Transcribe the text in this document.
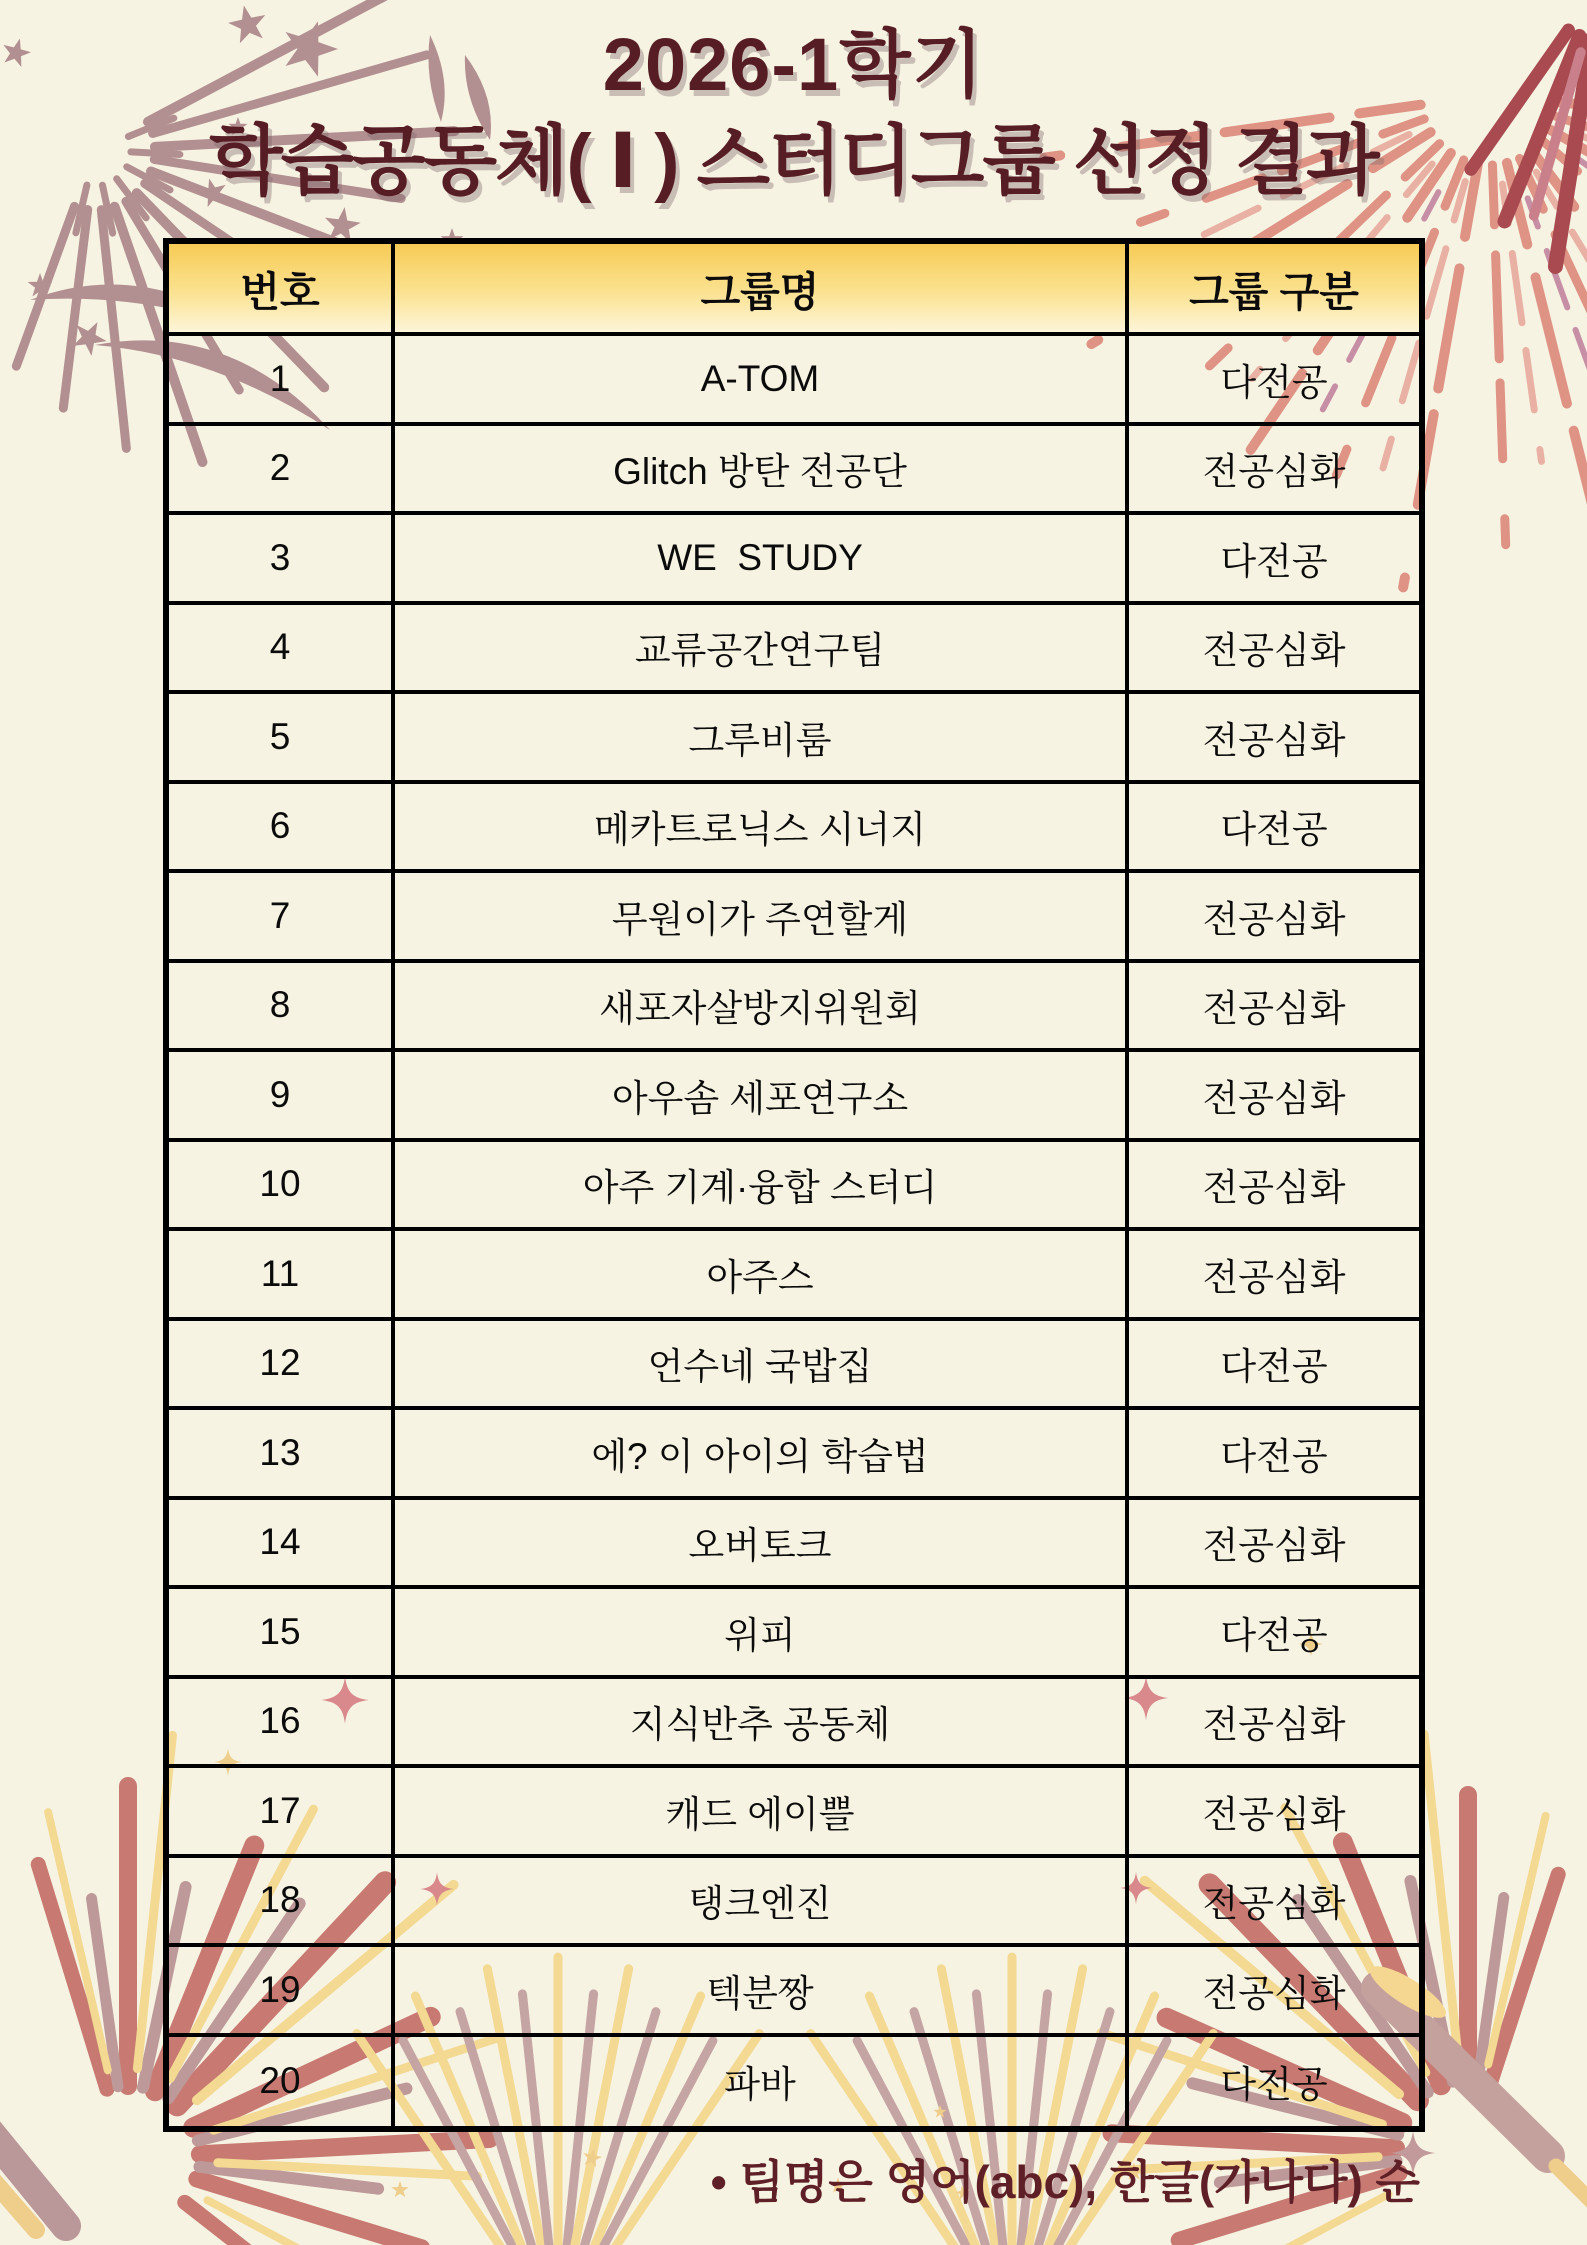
2026-1학기
학습공동체( Ⅰ ) 스터디그룹 선정 결과
번호	그룹명	그룹 구분
1	A-TOM	다전공
2	Glitch 방탄 전공단	전공심화
3	WE  STUDY	다전공
4	교류공간연구팀	전공심화
5	그루비룸	전공심화
6	메카트로닉스 시너지	다전공
7	무원이가 주연할게	전공심화
8	새포자살방지위원회	전공심화
9	아우솜 세포연구소	전공심화
10	아주 기계·융합 스터디	전공심화
11	아주스	전공심화
12	언수네 국밥집	다전공
13	에? 이 아이의 학습법	다전공
14	오버토크	전공심화
15	위피	다전공
16	지식반추 공동체	전공심화
17	캐드 에이쁠	전공심화
18	탱크엔진	전공심화
19	텍분짱	전공심화
20	파바	다전공
• 팀명은 영어(abc), 한글(가나다) 순
